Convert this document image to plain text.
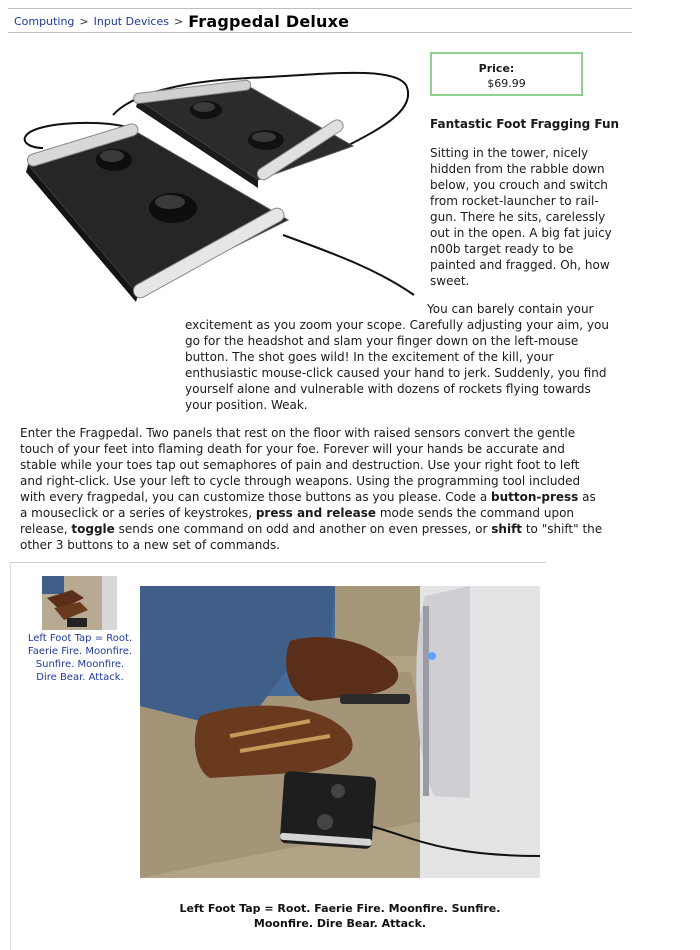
Computing > Input Devices > Fragpedal Deluxe
Price:
$69.99
Fantastic Foot Fragging Fun
Sitting in the tower, nicely
hidden from the rabble down
below, you crouch and switch
from rocket-launcher to rail-
gun. There he sits, carelessly
out in the open. A big fat juicy
n00b target ready to be
painted and fragged. Oh, how
sweet.
You can barely contain your
excitement as you zoom your scope. Carefully adjusting your aim, you
go for the headshot and slam your finger down on the left-mouse
button. The shot goes wild! In the excitement of the kill, your
enthusiastic mouse-click caused your hand to jerk. Suddenly, you find
yourself alone and vulnerable with dozens of rockets flying towards
your position. Weak.
Enter the Fragpedal. Two panels that rest on the floor with raised sensors convert the gentle
touch of your feet into flaming death for your foe. Forever will your hands be accurate and
stable while your toes tap out semaphores of pain and destruction. Use your right foot to left
and right-click. Use your left to cycle through weapons. Using the programming tool included
with every fragpedal, you can customize those buttons as you please. Code a button-press as
a mouseclick or a series of keystrokes, press and release mode sends the command upon
release, toggle sends one command on odd and another on even presses, or shift to "shift" the
other 3 buttons to a new set of commands.
Left Foot Tap = Root. Faerie Fire. Moonfire. Sunfire. Moonfire. Dire Bear. Attack.
Left Foot Tap = Root. Faerie Fire. Moonfire. Sunfire.
Moonfire. Dire Bear. Attack.
